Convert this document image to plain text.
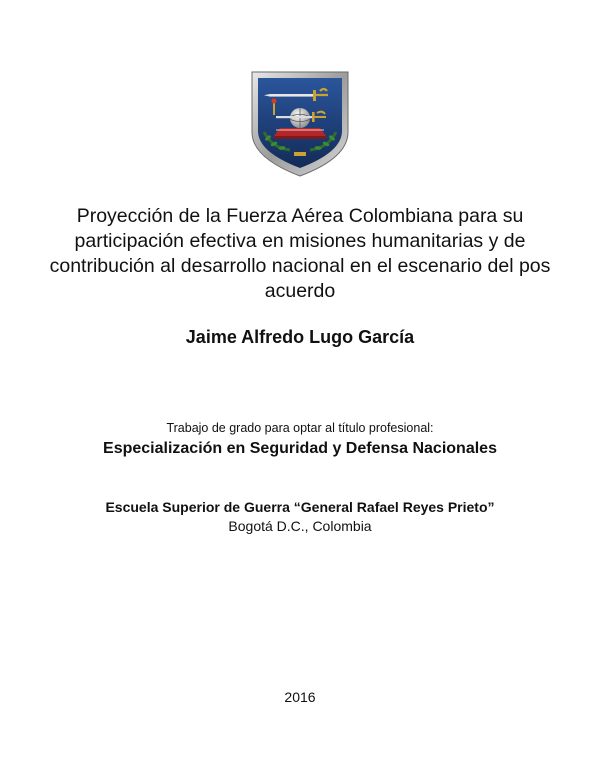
Proyección de la Fuerza Aérea Colombiana para su participación efectiva en misiones humanitarias y de contribución al desarrollo nacional en el escenario del pos acuerdo
Jaime Alfredo Lugo García
Trabajo de grado para optar al título profesional:
Especialización en Seguridad y Defensa Nacionales
Escuela Superior de Guerra “General Rafael Reyes Prieto”
Bogotá D.C., Colombia
2016
